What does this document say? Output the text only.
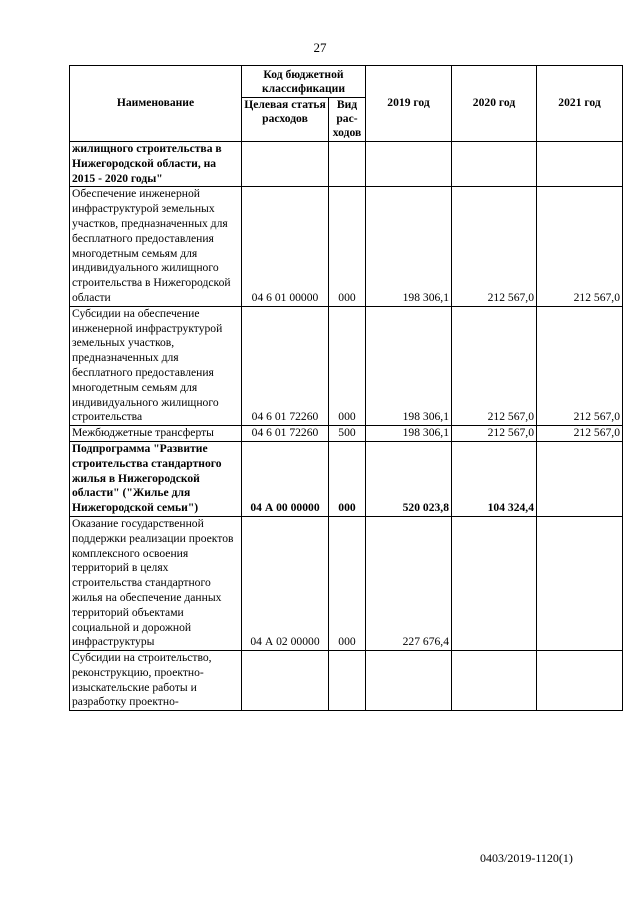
27
Наименование	Код бюджетной классификации		2019 год	2020 год	2021 год
	Целевая статья расходов	Вид рас-ходов			
жилищного строительства в Нижегородской области, на 2015 - 2020 годы"					
Обеспечение инженерной инфраструктурой земельных участков, предназначенных для бесплатного предоставления многодетным семьям для индивидуального жилищного строительства в Нижегородской области	04 6 01 00000	000	198 306,1	212 567,0	212 567,0
Субсидии на обеспечение инженерной инфраструктурой земельных участков, предназначенных для бесплатного предоставления многодетным семьям для индивидуального жилищного строительства	04 6 01 72260	000	198 306,1	212 567,0	212 567,0
Межбюджетные трансферты	04 6 01 72260	500	198 306,1	212 567,0	212 567,0
Подпрограмма "Развитие строительства стандартного жилья в Нижегородской области" ("Жилье для Нижегородской семьи")	04 А 00 00000	000	520 023,8	104 324,4	
Оказание государственной поддержки реализации проектов комплексного освоения территорий в целях строительства стандартного жилья на обеспечение данных территорий объектами социальной и дорожной инфраструктуры	04 А 02 00000	000	227 676,4		
Субсидии на строительство, реконструкцию, проектно-изыскательские работы и разработку проектно-					
0403/2019-1120(1)
